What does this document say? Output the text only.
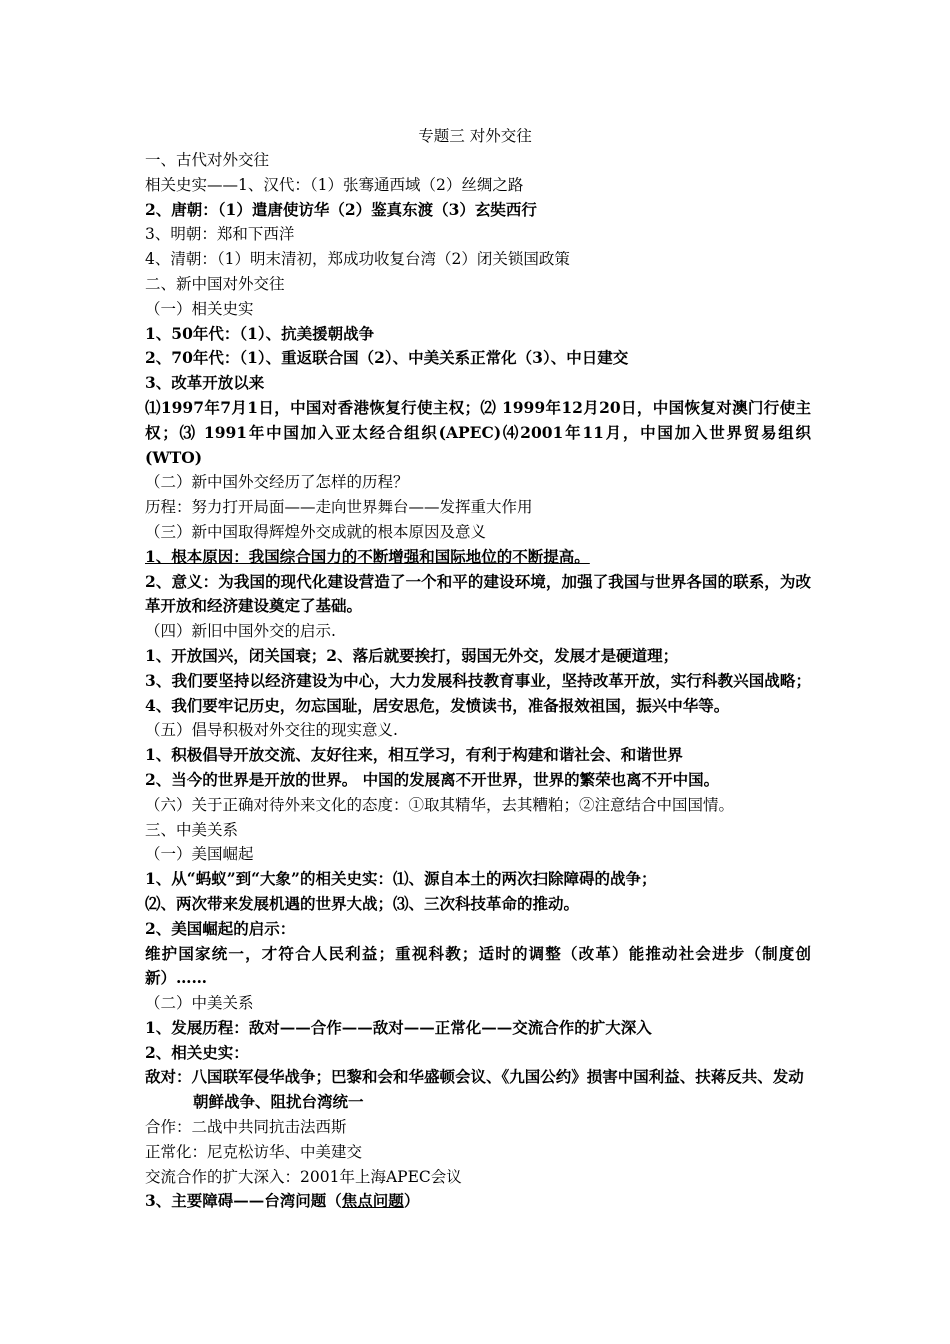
专题三 对外交往
一、古代对外交往
相关史实——1、汉代：（1）张骞通西域（2）丝绸之路
2、唐朝：（1）遣唐使访华（2）鉴真东渡（3）玄奘西行
3、明朝：郑和下西洋
4、清朝：（1）明末清初，郑成功收复台湾（2）闭关锁国政策
二、新中国对外交往
（一）相关史实
1、50年代：（1）、抗美援朝战争
2、70年代：（1）、重返联合国（2）、中美关系正常化（3）、中日建交
3、改革开放以来
⑴1997年7月1日，中国对香港恢复行使主权；⑵ 1999年12月20日，中国恢复对澳门行使主权；⑶ 1991年中国加入亚太经合组织(APEC)⑷2001年11月，中国加入世界贸易组织(WTO)
（二）新中国外交经历了怎样的历程？
历程：努力打开局面——走向世界舞台——发挥重大作用
（三）新中国取得辉煌外交成就的根本原因及意义
1、根本原因：我国综合国力的不断增强和国际地位的不断提高。
2、意义：为我国的现代化建设营造了一个和平的建设环境，加强了我国与世界各国的联系，为改革开放和经济建设奠定了基础。
（四）新旧中国外交的启示.
1、开放国兴，闭关国衰；2、落后就要挨打，弱国无外交，发展才是硬道理；
3、我们要坚持以经济建设为中心，大力发展科技教育事业，坚持改革开放，实行科教兴国战略；4、我们要牢记历史，勿忘国耻，居安思危，发愤读书，准备报效祖国，振兴中华等。
（五）倡导积极对外交往的现实意义.
1、积极倡导开放交流、友好往来，相互学习，有利于构建和谐社会、和谐世界
2、当今的世界是开放的世界。 中国的发展离不开世界，世界的繁荣也离不开中国。
（六）关于正确对待外来文化的态度：①取其精华，去其糟粕；②注意结合中国国情。
三、中美关系
（一）美国崛起
1、从“蚂蚁”到“大象”的相关史实：⑴、源自本土的两次扫除障碍的战争；
⑵、两次带来发展机遇的世界大战；⑶、三次科技革命的推动。
2、美国崛起的启示：
维护国家统一，才符合人民利益；重视科教；适时的调整（改革）能推动社会进步（制度创新）……
（二）中美关系
1、发展历程：敌对——合作——敌对——正常化——交流合作的扩大深入
2、相关史实：
敌对：八国联军侵华战争；巴黎和会和华盛顿会议、《九国公约》损害中国利益、扶蒋反共、发动朝鲜战争、阻扰台湾统一
合作：二战中共同抗击法西斯
正常化：尼克松访华、中美建交
交流合作的扩大深入：2001年上海APEC会议
3、主要障碍——台湾问题（焦点问题）
